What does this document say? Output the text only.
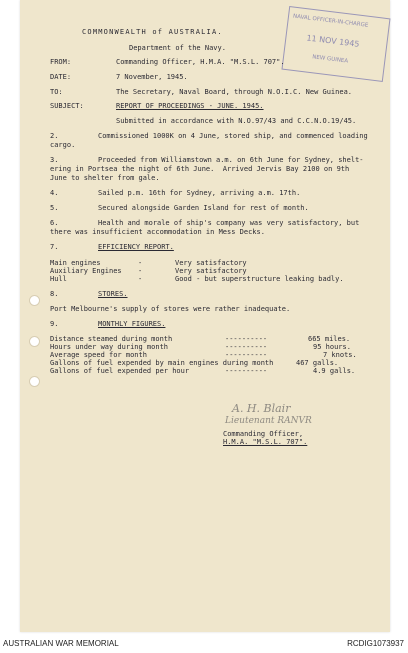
NAVAL OFFICER-IN-CHARGE
11 NOV 1945
NEW GUINEA
COMMONWEALTH of AUSTRALIA.
Department of the Navy.
FROM:	Commanding Officer, H.M.A. "M.S.L. 707".
DATE:	7 November, 1945.
TO:	The Secretary, Naval Board, through N.O.I.C. New Guinea.
SUBJECT:	REPORT OF PROCEEDINGS - JUNE. 1945.
Submitted in accordance with N.O.97/43 and C.C.N.O.19/45.
2.	Commissioned 1000K on 4 June, stored ship, and commenced loading
cargo.
3.	Proceeded from Williamstown a.m. on 6th June for Sydney, shelt-
ering in Portsea the night of 6th June.  Arrived Jervis Bay 2100 on 9th
June to shelter from gale.
4.	Sailed p.m. 16th for Sydney, arriving a.m. 17th.
5.	Secured alongside Garden Island for rest of month.
6.	Health and morale of ship's company was very satisfactory, but
there was insufficient accommodation in Mess Decks.
7.	EFFICIENCY REPORT.
Main engines	-	Very satisfactory
Auxiliary Engines -	Very satisfactory
Hull	-	Good - but superstructure leaking badly.
8.	STORES.
Port Melbourne's supply of stores were rather inadequate.
9.	MONTHLY FIGURES.
Distance steamed during month	----------	665 miles.
Hours under way during month	----------	95 hours.
Average speed for month	----------	7 knots.
Gallons of fuel expended by main engines during month	467 galls.
Gallons of fuel expended per hour	----------	4.9 galls.
A. H. Blair
Lieutenant RANVR
Commanding Officer,
H.M.A. "M.S.L. 707".
AUSTRALIAN WAR MEMORIAL	RCDIG1073937
